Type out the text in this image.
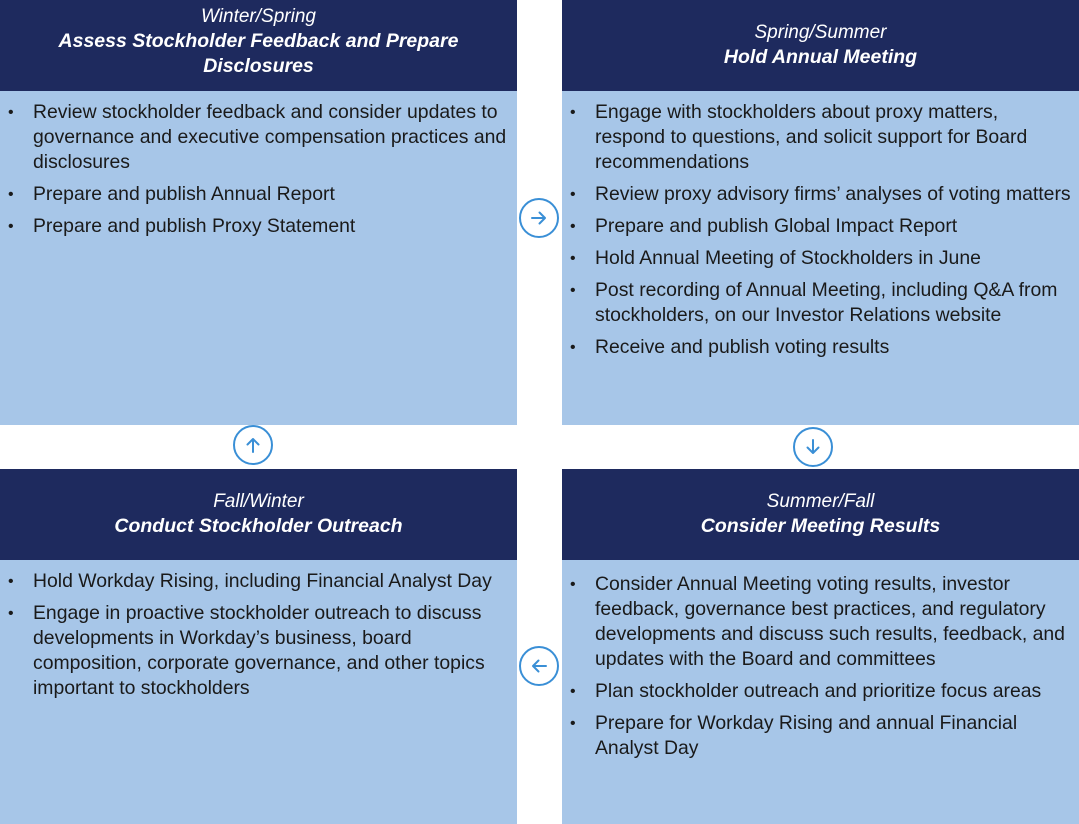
Winter/Spring
Assess Stockholder Feedback and Prepare
Disclosures
• Review stockholder feedback and consider updates to governance and executive compensation practices and disclosures
• Prepare and publish Annual Report
• Prepare and publish Proxy Statement
Spring/Summer
Hold Annual Meeting
• Engage with stockholders about proxy matters, respond to questions, and solicit support for Board recommendations
• Review proxy advisory firms’ analyses of voting matters
• Prepare and publish Global Impact Report
• Hold Annual Meeting of Stockholders in June
• Post recording of Annual Meeting, including Q&A from stockholders, on our Investor Relations website
• Receive and publish voting results
Fall/Winter
Conduct Stockholder Outreach
• Hold Workday Rising, including Financial Analyst Day
• Engage in proactive stockholder outreach to discuss developments in Workday’s business, board composition, corporate governance, and other topics important to stockholders
Summer/Fall
Consider Meeting Results
• Consider Annual Meeting voting results, investor feedback, governance best practices, and regulatory developments and discuss such results, feedback, and updates with the Board and committees
• Plan stockholder outreach and prioritize focus areas
• Prepare for Workday Rising and annual Financial Analyst Day
